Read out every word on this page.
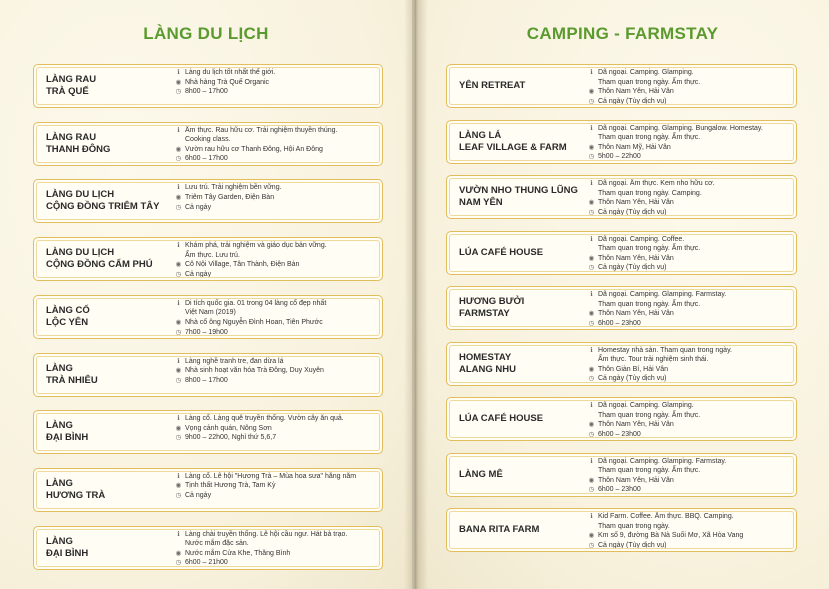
LÀNG DU LỊCH
LÀNG RAU
TRÀ QUẾ
ℹ Làng du lịch tốt nhất thế giới.
◉ Nhà hàng Trà Quế Organic
◷ 8h00 – 17h00
LÀNG RAU
THANH ĐÔNG
ℹ Ẩm thực. Rau hữu cơ. Trải nghiệm thuyền thúng.
Cooking class.
◉ Vườn rau hữu cơ Thanh Đông, Hội An Đông
◷ 6h00 – 17h00
LÀNG DU LỊCH
CỘNG ĐỒNG TRIÊM TÂY
ℹ Lưu trú. Trải nghiệm bền vững.
◉ Triêm Tây Garden, Điện Bàn
◷ Cả ngày
LÀNG DU LỊCH
CỘNG ĐỒNG CẨM PHÚ
ℹ Khám phá, trải nghiệm và giáo dục bản vững.
Ẩm thực. Lưu trú.
◉ Cô Nội Village, Tân Thành, Điện Bàn
◷ Cả ngày
LÀNG CỔ
LỘC YÊN
ℹ Di tích quốc gia. 01 trong 04 làng cổ đẹp nhất
Việt Nam (2019)
◉ Nhà cổ ông Nguyễn Đình Hoan, Tiên Phước
◷ 7h00 – 19h00
LÀNG
TRÀ NHIÊU
ℹ Làng nghề tranh tre, đan dừa lá
◉ Nhà sinh hoạt văn hóa Trà Đông, Duy Xuyên
◷ 8h00 – 17h00
LÀNG
ĐẠI BÌNH
ℹ Làng cổ. Làng quê truyền thống. Vườn cây ăn quả.
◉ Vọng cảnh quán, Nông Sơn
◷ 9h00 – 22h00, Nghỉ thứ 5,6,7
LÀNG
HƯƠNG TRÀ
ℹ Làng cổ. Lễ hội "Hương Trà – Mùa hoa sưa" hằng năm
◉ Tịnh thất Hương Trà, Tam Kỳ
◷ Cả ngày
LÀNG
ĐẠI BÌNH
ℹ Làng chài truyền thống. Lễ hội cầu ngư. Hát bả trạo.
Nước mắm đặc sản.
◉ Nước mắm Cửa Khe, Thăng Bình
◷ 6h00 – 21h00
CAMPING - FARMSTAY
YÊN RETREAT
ℹ Dã ngoại. Camping. Glamping.
Tham quan trong ngày. Ẩm thực.
◉ Thôn Nam Yên, Hải Vân
◷ Cả ngày (Tùy dịch vụ)
LÀNG LÁ
LEAF VILLAGE & FARM
ℹ Dã ngoại. Camping. Glamping. Bungalow. Homestay.
Tham quan trong ngày. Ẩm thực.
◉ Thôn Nam Mỹ, Hải Vân
◷ 5h00 – 22h00
VƯỜN NHO THUNG LŨNG
NAM YÊN
ℹ Dã ngoại. Ẩm thực. Kem nho hữu cơ.
Tham quan trong ngày. Camping.
◉ Thôn Nam Yên, Hải Vân
◷ Cả ngày (Tùy dịch vụ)
LÚA CAFÉ HOUSE
ℹ Dã ngoại. Camping. Coffee.
Tham quan trong ngày. Ẩm thực.
◉ Thôn Nam Yên, Hải Vân
◷ Cả ngày (Tùy dịch vụ)
HƯƠNG BƯỞI
FARMSTAY
ℹ Dã ngoại. Camping. Glamping. Farmstay.
Tham quan trong ngày. Ẩm thực.
◉ Thôn Nam Yên, Hải Vân
◷ 6h00 – 23h00
HOMESTAY
ALANG NHU
ℹ Homestay nhà sàn. Tham quan trong ngày.
Ẩm thực. Tour trải nghiệm sinh thái.
◉ Thôn Giàn Bí, Hải Vân
◷ Cả ngày (Tùy dịch vụ)
LÚA CAFÉ HOUSE
ℹ Dã ngoại. Camping. Glamping.
Tham quan trong ngày. Ẩm thực.
◉ Thôn Nam Yên, Hải Vân
◷ 6h00 – 23h00
LÀNG MÊ
ℹ Dã ngoại. Camping. Glamping. Farmstay.
Tham quan trong ngày. Ẩm thực.
◉ Thôn Nam Yên, Hải Vân
◷ 6h00 – 23h00
BANA RITA FARM
ℹ Kid Farm. Coffee. Ẩm thực. BBQ. Camping.
Tham quan trong ngày.
◉ Km số 9, đường Bà Nà Suối Mơ, Xã Hòa Vang
◷ Cả ngày (Tùy dịch vụ)
